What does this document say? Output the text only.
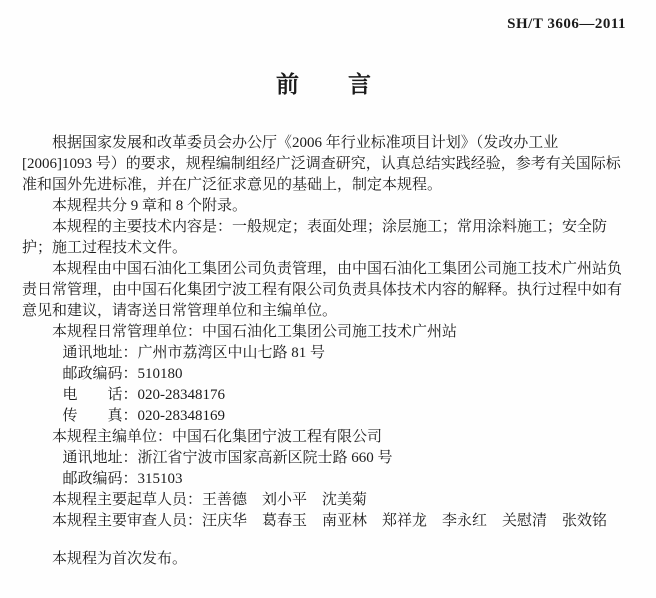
SH/T 3606—2011
前　　言

根据国家发展和改革委员会办公厅《2006 年行业标准项目计划》（发改办工业[2006]1093 号）的要求，规程编制组经广泛调查研究，认真总结实践经验，参考有关国际标准和国外先进标准，并在广泛征求意见的基础上，制定本规程。

本规程共分 9 章和 8 个附录。

本规程的主要技术内容是：一般规定；表面处理；涂层施工；常用涂料施工；安全防护；施工过程技术文件。

本规程由中国石油化工集团公司负责管理，由中国石油化工集团公司施工技术广州站负责日常管理，由中国石化集团宁波工程有限公司负责具体技术内容的解释。执行过程中如有意见和建议，请寄送日常管理单位和主编单位。

本规程日常管理单位：中国石油化工集团公司施工技术广州站

通讯地址：广州市荔湾区中山七路 81 号

邮政编码：510180

电　　话：020-28348176

传　　真：020-28348169

本规程主编单位：中国石化集团宁波工程有限公司

通讯地址：浙江省宁波市国家高新区院士路 660 号

邮政编码：315103

本规程主要起草人员：王善德　刘小平　沈美菊

本规程主要审查人员：汪庆华　葛春玉　南亚林　郑祥龙　李永红　关慰清　张效铭

本规程为首次发布。
